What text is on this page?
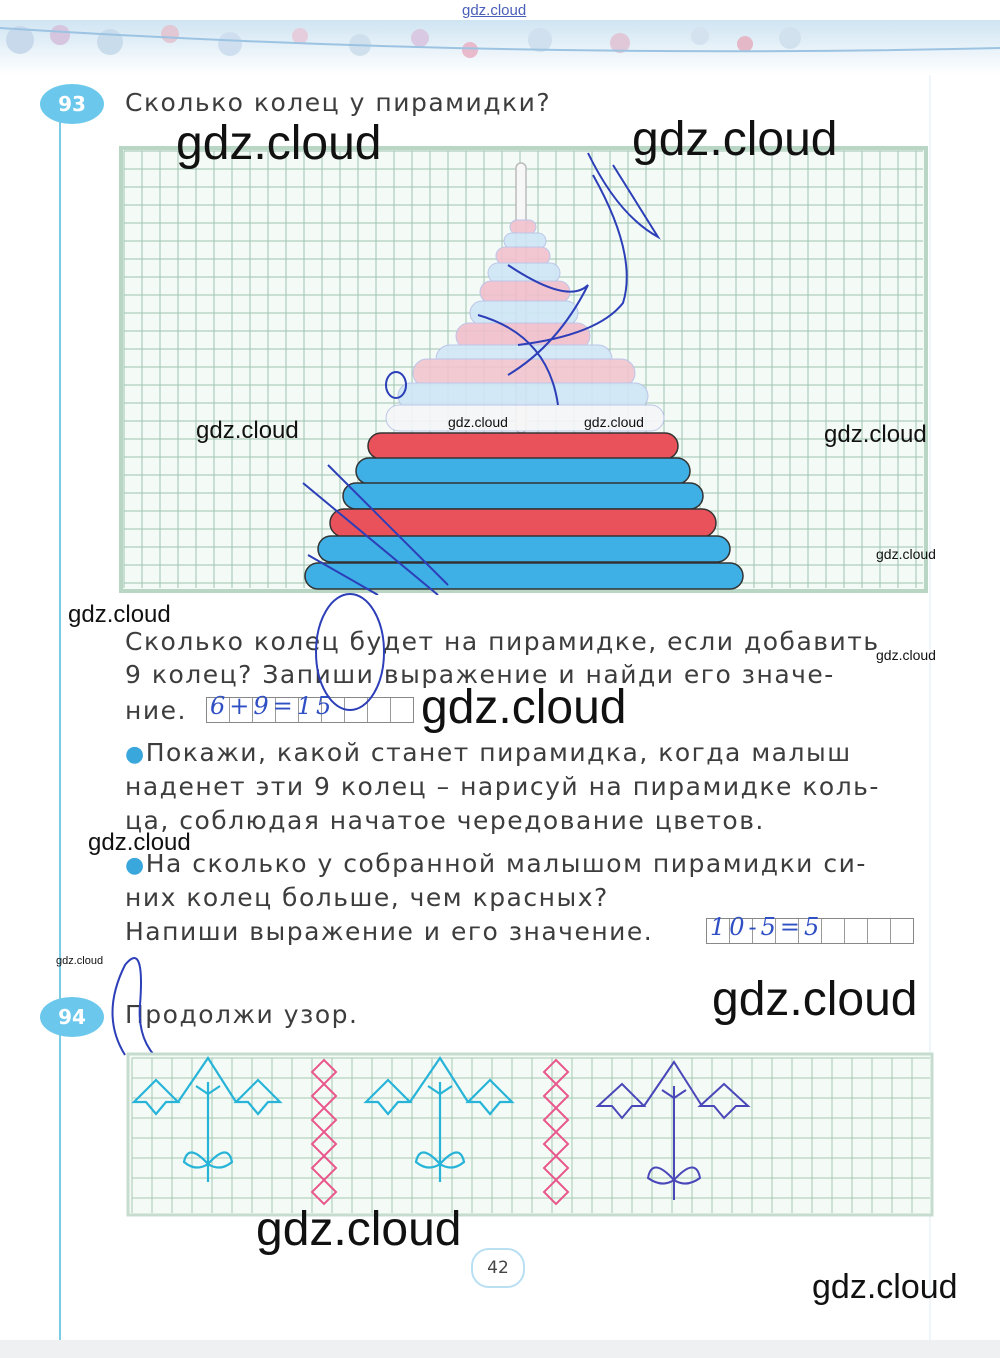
gdz.cloud
93 Сколько колец у пирамидки?
Сколько колец будет на пирамидке, если добавить
9 колец? Запиши выражение и найди его значе-
ние. 6+9=15
●Покажи, какой станет пирамидка, когда малыш
наденет эти 9 колец – нарисуй на пирамидке коль-
ца, соблюдая начатое чередование цветов.
●На сколько у собранной малышом пирамидки си-
них колец больше, чем красных?
Напиши выражение и его значение. 10-5=5
94 Продолжи узор.
42
gdz.cloud	gdz.cloud
gdz.cloud	gdz.cloud	gdz.cloud	gdz.cloud
gdz.cloud
gdz.cloud
gdz.cloud
gdz.cloud
gdz.cloud
gdz.cloud
gdz.cloud
gdz.cloud
gdz.cloud
